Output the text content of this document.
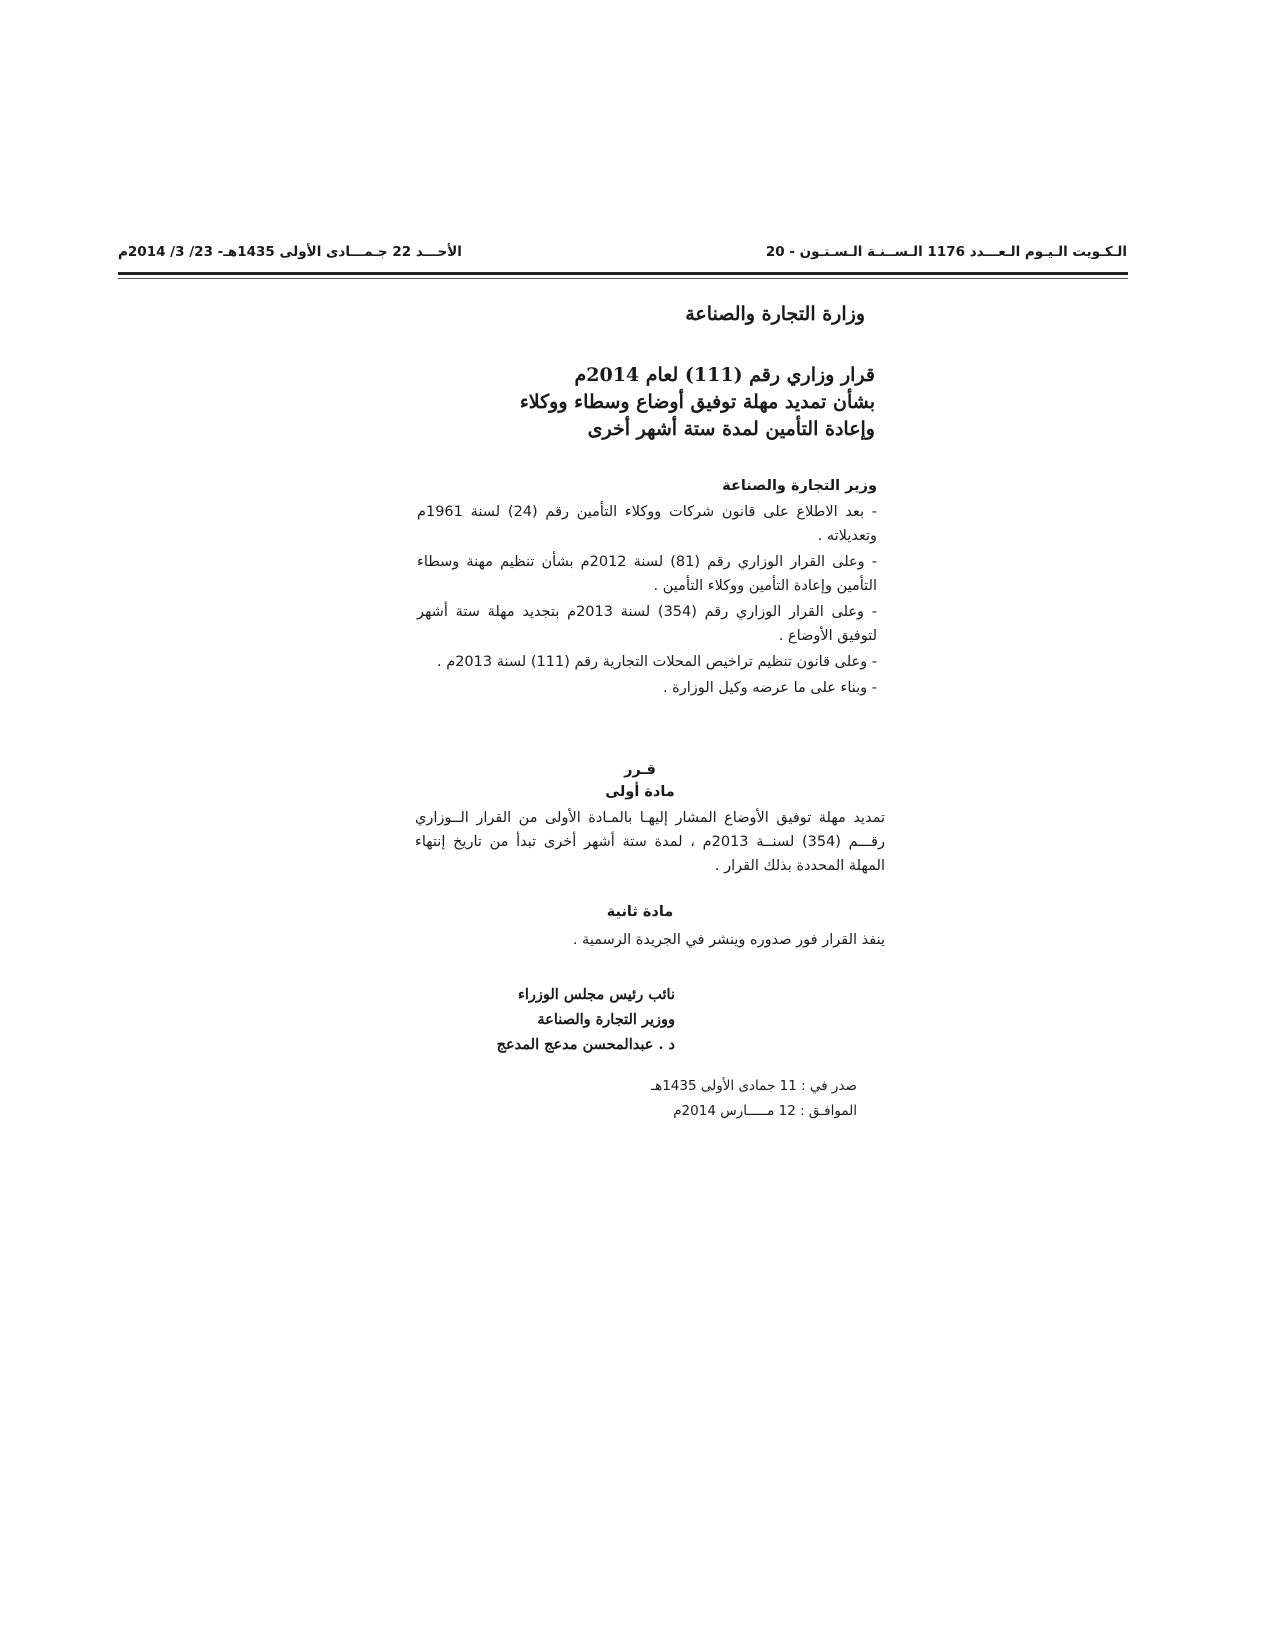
الأحـــد 22 جـمـــادى الأولى 1435هـ- 23/ 3/ 2014م	الـكـويت الـيـوم الـعـــدد 1176 الـســنـة الـسـتـون - 20
وزارة التجارة والصناعة
قرار وزاري رقم (111) لعام 2014م
بشأن تمديد مهلة توفيق أوضاع وسطاء ووكلاء
وإعادة التأمين لمدة ستة أشهر أخرى

وزير التجارة والصناعة

- بعد الاطلاع على قانون شركات ووكلاء التأمين رقم (24) لسنة 1961م وتعديلاته .

- وعلى القرار الوزاري رقم (81) لسنة 2012م بشأن تنظيم مهنة وسطاء التأمين وإعادة التأمين ووكلاء التأمين .

- وعلى القرار الوزاري رقم (354) لسنة 2013م بتجديد مهلة ستة أشهر لتوفيق الأوضاع .

- وعلى قانون تنظيم تراخيص المحلات التجارية رقم (111) لسنة 2013م .

- وبناء على ما عرضه وكيل الوزارة .

قـرر
مادة أولى
تمديد مهلة توفيق الأوضاع المشار إليهـا بالمـادة الأولى من القرار الــوزاري رقـــم (354) لسنــة 2013م ، لمدة ستة أشهر أخرى تبدأ من تاريخ إنتهاء المهلة المحددة بذلك القرار .
مادة ثانية
ينفذ القرار فور صدوره وينشر في الجريدة الرسمية .
نائب رئيس مجلس الوزراء
ووزير التجارة والصناعة
د . عبدالمحسن مدعج المدعج
صدر في : 11 جمادى الأولى 1435هـ
الموافـق : 12 مـــــارس 2014م
